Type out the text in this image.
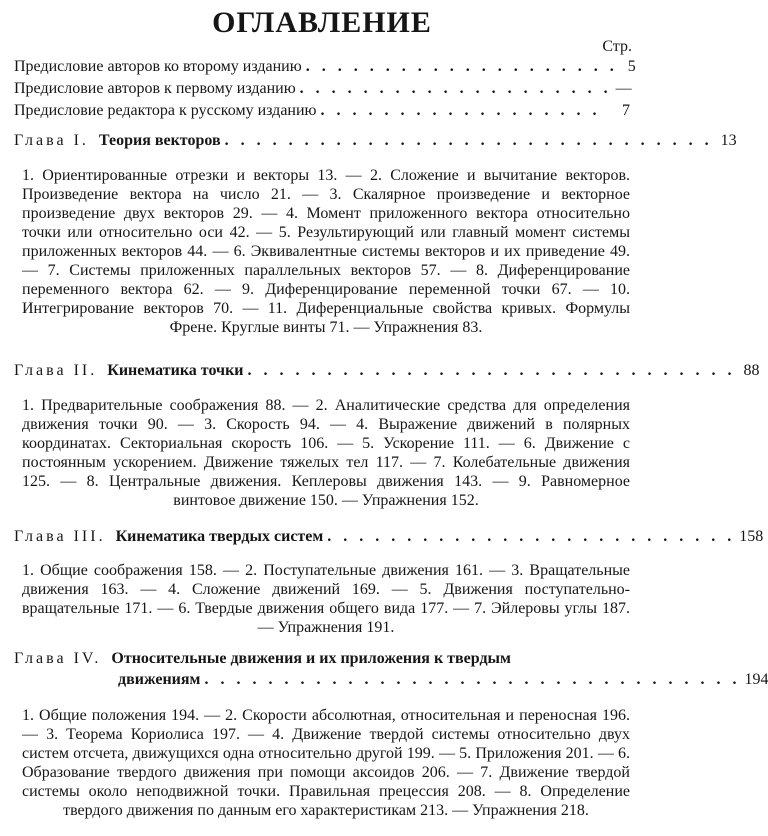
ОГЛАВЛЕНИЕ
Стр.
Предисловие авторов ко второму изданию . . . . . . . . . . . . . . . . . . . . 5
Предисловие авторов к первому изданию . . . . . . . . . . . . . . . . . . . . —
Предисловие редактора к русскому изданию . . . . . . . . . . . . . . . . . .	7
Глава I. Теория векторов . . . . . . . . . . . . . . . . . . . . . . . . . . . . . . . 13
1. Ориентированные отрезки и векторы 13. — 2. Сложение и вычитание векторов. Произведение вектора на число 21. — 3. Скалярное произведение и векторное произведение двух векторов 29. — 4. Момент приложенного вектора относительно точки или относительно оси 42. — 5. Результирующий или главный момент системы приложенных векторов 44. — 6. Эквивалентные системы векторов и их приведение 49. — 7. Системы приложенных параллельных векторов 57. — 8. Диференцирование переменного вектора 62. — 9. Диференцирование переменной точки 67. — 10. Интегрирование векторов 70. — 11. Диференциальные свойства кривых. Формулы Френе. Круглые винты 71. — Упражнения 83.
Глава II. Кинематика точки . . . . . . . . . . . . . . . . . . . . . . . . . . . . . . . 88
1. Предварительные соображения 88. — 2. Аналитические средства для определения движения точки 90. — 3. Скорость 94. — 4. Выражение движений в полярных координатах. Секториальная скорость 106. — 5. Ускорение 111. — 6. Движение с постоянным ускорением. Движение тяжелых тел 117. — 7. Колебательные движения 125. — 8. Центральные движения. Кеплеровы движения 143. — 9. Равномерное винтовое движение 150. — Упражнения 152.
Глава III. Кинематика твердых систем . . . . . . . . . . . . . . . . . . . . . . . . . . 158
1. Общие соображения 158. — 2. Поступательные движения 161. — 3. Вращательные движения 163. — 4. Сложение движений 169. — 5. Движения поступательно-вращательные 171. — 6. Твердые движения общего вида 177. — 7. Эйлеровы углы 187. — Упражнения 191.
Глава IV. Относительные движения и их приложения к твердым
движениям . . . . . . . . . . . . . . . . . . . . . . . . . . . . . . . . . . 194
1. Общие положения 194. — 2. Скорости абсолютная, относительная и переносная 196. — 3. Теорема Кориолиса 197. — 4. Движение твердой системы относительно двух систем отсчета, движущихся одна относительно другой 199. — 5. Приложения 201. — 6. Образование твердого движения при помощи аксоидов 206. — 7. Движение твердой системы около неподвижной точки. Правильная прецессия 208. — 8. Определение твердого движения по данным его характеристикам 213. — Упражнения 218.
